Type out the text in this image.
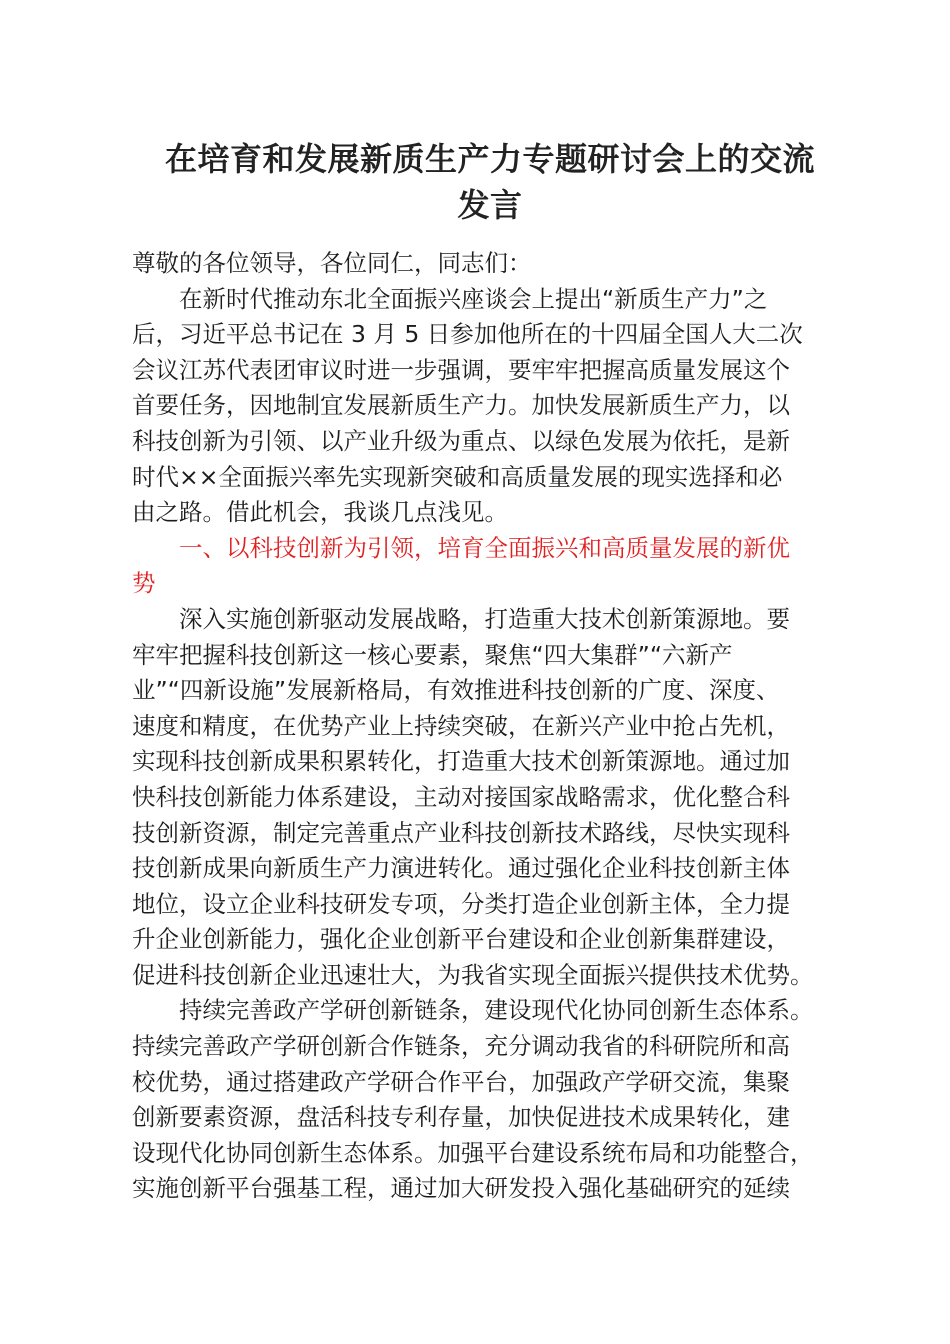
在培育和发展新质生产力专题研讨会上的交流
发言
尊敬的各位领导，各位同仁，同志们：
在新时代推动东北全面振兴座谈会上提出“新质生产力”之
后，习近平总书记在 3 月 5 日参加他所在的十四届全国人大二次
会议江苏代表团审议时进一步强调，要牢牢把握高质量发展这个
首要任务，因地制宜发展新质生产力。加快发展新质生产力，以
科技创新为引领、以产业升级为重点、以绿色发展为依托，是新
时代××全面振兴率先实现新突破和高质量发展的现实选择和必
由之路。借此机会，我谈几点浅见。
一、以科技创新为引领，培育全面振兴和高质量发展的新优
势
深入实施创新驱动发展战略，打造重大技术创新策源地。要
牢牢把握科技创新这一核心要素，聚焦“四大集群”“六新产
业”“四新设施”发展新格局，有效推进科技创新的广度、深度、
速度和精度，在优势产业上持续突破，在新兴产业中抢占先机，
实现科技创新成果积累转化，打造重大技术创新策源地。通过加
快科技创新能力体系建设，主动对接国家战略需求，优化整合科
技创新资源，制定完善重点产业科技创新技术路线，尽快实现科
技创新成果向新质生产力演进转化。通过强化企业科技创新主体
地位，设立企业科技研发专项，分类打造企业创新主体，全力提
升企业创新能力，强化企业创新平台建设和企业创新集群建设，
促进科技创新企业迅速壮大，为我省实现全面振兴提供技术优势。
持续完善政产学研创新链条，建设现代化协同创新生态体系。
持续完善政产学研创新合作链条，充分调动我省的科研院所和高
校优势，通过搭建政产学研合作平台，加强政产学研交流，集聚
创新要素资源，盘活科技专利存量，加快促进技术成果转化，建
设现代化协同创新生态体系。加强平台建设系统布局和功能整合，
实施创新平台强基工程，通过加大研发投入强化基础研究的延续
